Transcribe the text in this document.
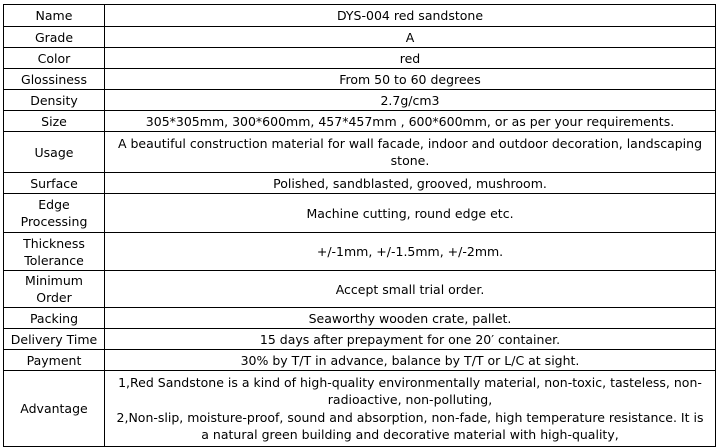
Name	DYS-004 red sandstone
Grade	A
Color	red
Glossiness	From 50 to 60 degrees
Density	2.7g/cm3
Size	305*305mm, 300*600mm, 457*457mm , 600*600mm, or as per your requirements.
Usage	A beautiful construction material for wall facade, indoor and outdoor decoration, landscaping stone.
Surface	Polished, sandblasted, grooved, mushroom.
Edge Processing	Machine cutting, round edge etc.
Thickness Tolerance	+/-1mm, +/-1.5mm, +/-2mm.
Minimum Order	Accept small trial order.
Packing	Seaworthy wooden crate, pallet.
Delivery Time	15 days after prepayment for one 20′ container.
Payment	30% by T/T in advance, balance by T/T or L/C at sight.
Advantage	1,Red Sandstone is a kind of high-quality environmentally material, non-toxic, tasteless, non-radioactive, non-polluting,
2,Non-slip, moisture-proof, sound and absorption, non-fade, high temperature resistance. It is a natural green building and decorative material with high-quality,
